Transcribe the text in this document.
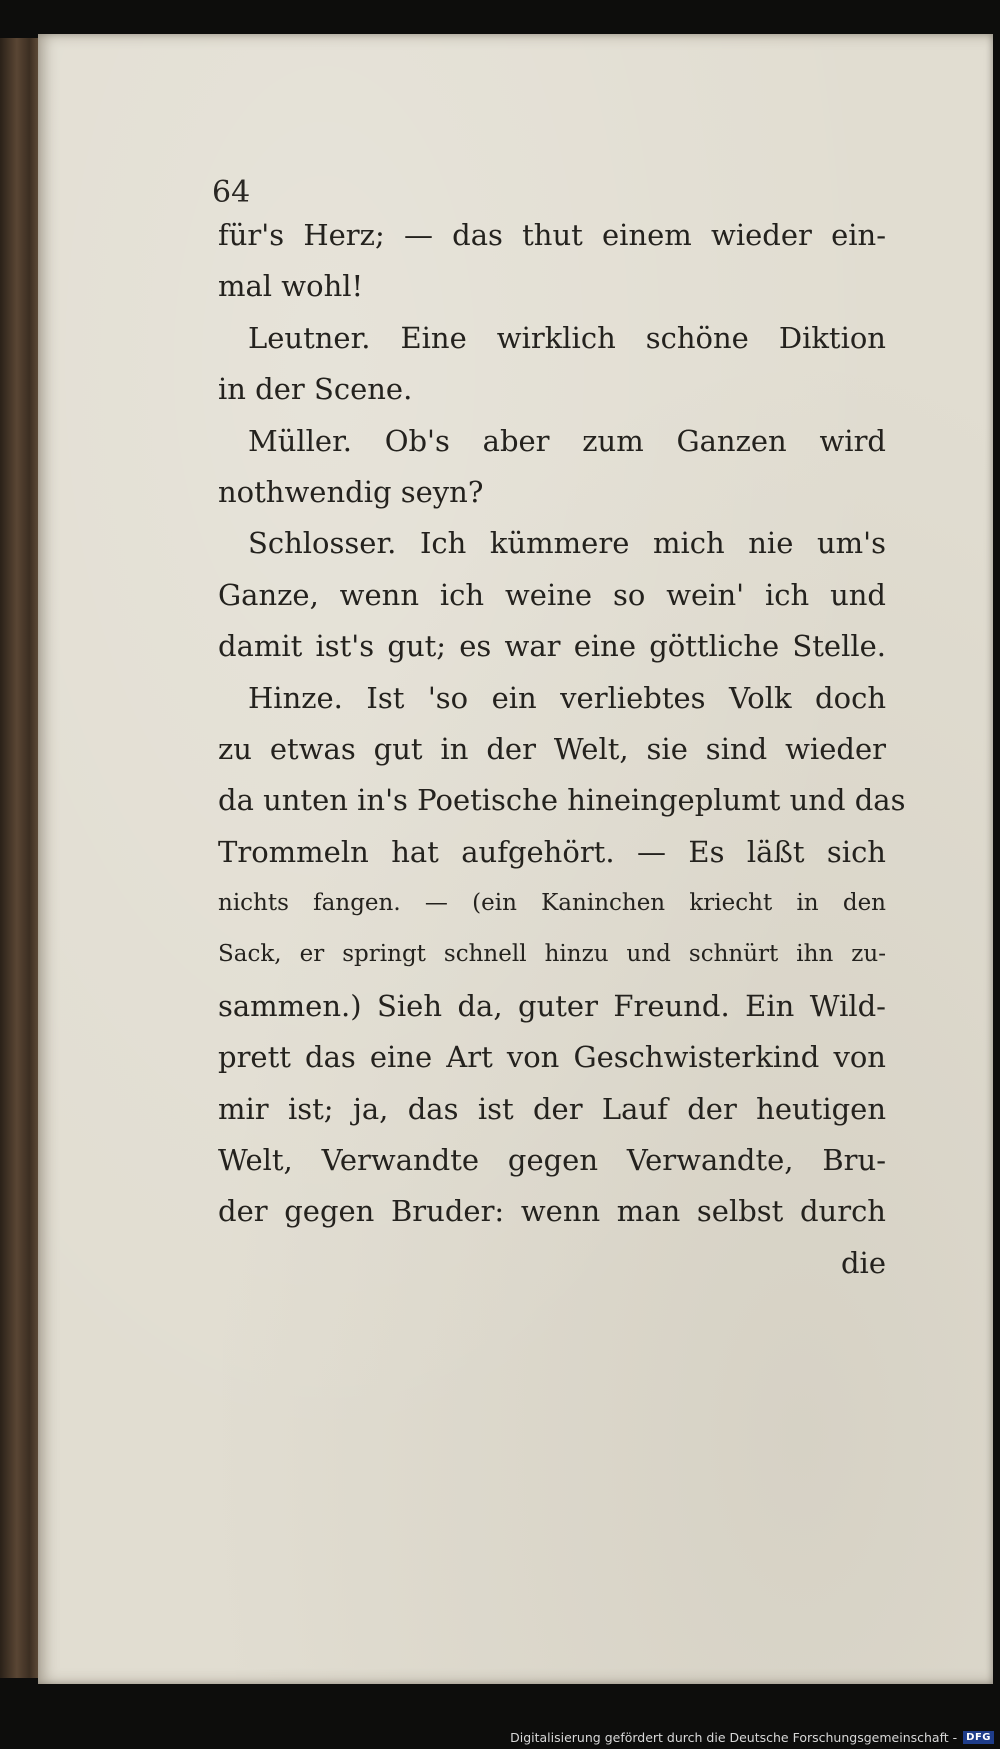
64
für's Herz; — das thut einem wieder ein-
mal wohl!
Leutner. Eine wirklich schöne Diktion
in der Scene.
Müller. Ob's aber zum Ganzen wird
nothwendig seyn?
Schlosser. Ich kümmere mich nie um's
Ganze, wenn ich weine so wein' ich und
damit ist's gut; es war eine göttliche Stelle.
Hinze. Ist 'so ein verliebtes Volk doch
zu etwas gut in der Welt, sie sind wieder
da unten in's Poetische hineingeplumt und das
Trommeln hat aufgehört. — Es läßt sich
nichts fangen. — (ein Kaninchen kriecht in den
Sack, er springt schnell hinzu und schnürt ihn zu-
sammen.) Sieh da, guter Freund. Ein Wild-
prett das eine Art von Geschwisterkind von
mir ist; ja, das ist der Lauf der heutigen
Welt, Verwandte gegen Verwandte, Bru-
der gegen Bruder: wenn man selbst durch
die
Digitalisierung gefördert durch die Deutsche Forschungsgemeinschaft - DFG
